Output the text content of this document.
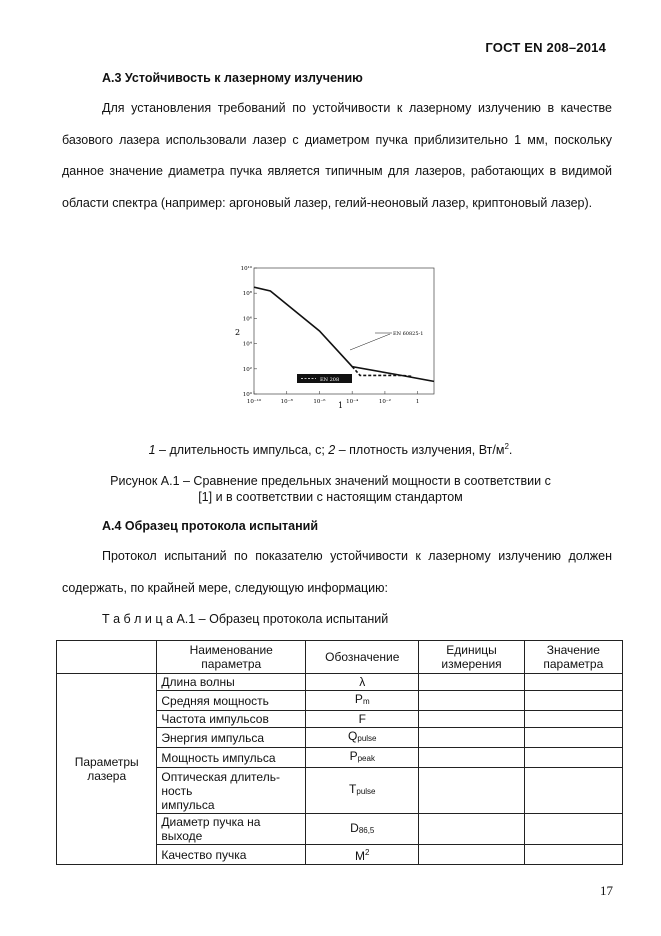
ГОСТ EN 208–2014
А.3 Устойчивость к лазерному излучению

Для установления требований по устойчивости к лазерному излучению в качестве базового лазера использовали лазер с диаметром пучка приблизительно 1 мм, поскольку данное значение диаметра пучка является типичным для лазеров, работающих в видимой области спектра (например: аргоновый лазер, гелий-неоновый лазер, криптоновый лазер).

10⁰
10²
10⁴
10⁶
10⁸
10¹⁰
10⁻¹⁰	10⁻⁸	10⁻⁶	10⁻⁴	10⁻²	1
EN 60825-1
EN 208
1
2
1 – длительность импульса, с; 2 – плотность излучения, $Вт/м^2$.
Рисунок А.1 – Сравнение предельных значений мощности в соответствии с
[1] и в соответствии с настоящим стандартом
А.4 Образец протокола испытаний

Протокол испытаний по показателю устойчивости к лазерному излучению должен содержать, по крайней мере, следующую информацию:

Т а б л и ц а А.1 – Образец протокола испытаний
	Наименование параметра	Обозначение	Единицы измерения	Значение параметра
Параметры лазера	Длина волны	λ		
	Средняя мощность	$P_m$		
	Частота импульсов	F		
	Энергия импульса	$Q_{pulse}$		
	Мощность импульса	$P_{peak}$		
	Оптическая длитель-
ность
импульса	$T_{pulse}$		
	Диаметр пучка на
выходе	$D_{86,5}$		
	Качество пучка	$M^2$		
17
